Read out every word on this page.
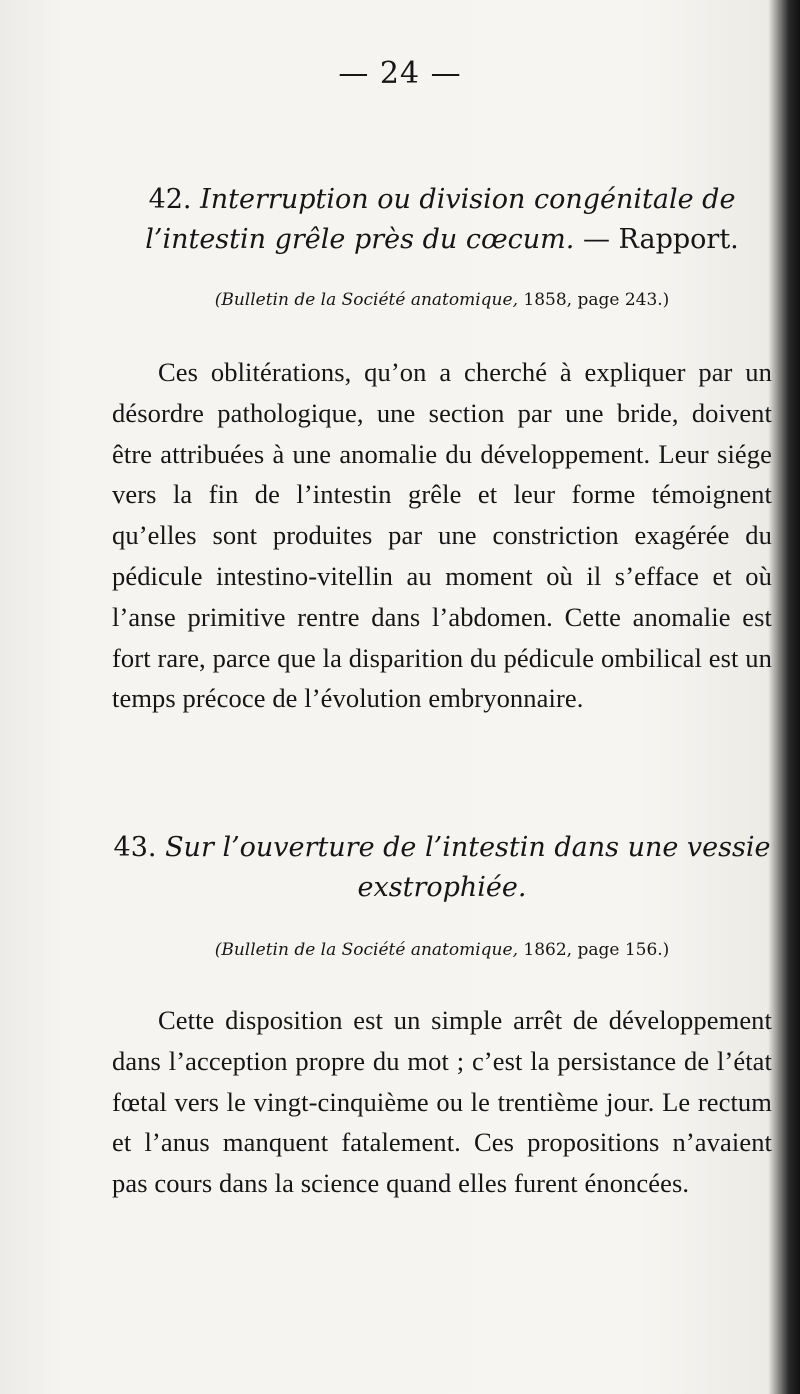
— 24 —
42. Interruption ou division congénitale de l’intestin grêle près du cœcum. — Rapport.
(Bulletin de la Société anatomique, 1858, page 243.)

Ces oblitérations, qu’on a cherché à expliquer par un désordre pathologique, une section par une bride, doivent être attribuées à une anomalie du développement. Leur siége vers la fin de l’intestin grêle et leur forme témoignent qu’elles sont produites par une constriction exagérée du pédicule intestino-vitellin au moment où il s’efface et où l’anse primitive rentre dans l’abdomen. Cette anomalie est fort rare, parce que la disparition du pédicule ombilical est un temps précoce de l’évolution embryonnaire.

43. Sur l’ouverture de l’intestin dans une vessie exstrophiée.
(Bulletin de la Société anatomique, 1862, page 156.)

Cette disposition est un simple arrêt de développement dans l’acception propre du mot ; c’est la persistance de l’état fœtal vers le vingt-cinquième ou le trentième jour. Le rectum et l’anus manquent fatalement. Ces propositions n’avaient pas cours dans la science quand elles furent énoncées.
